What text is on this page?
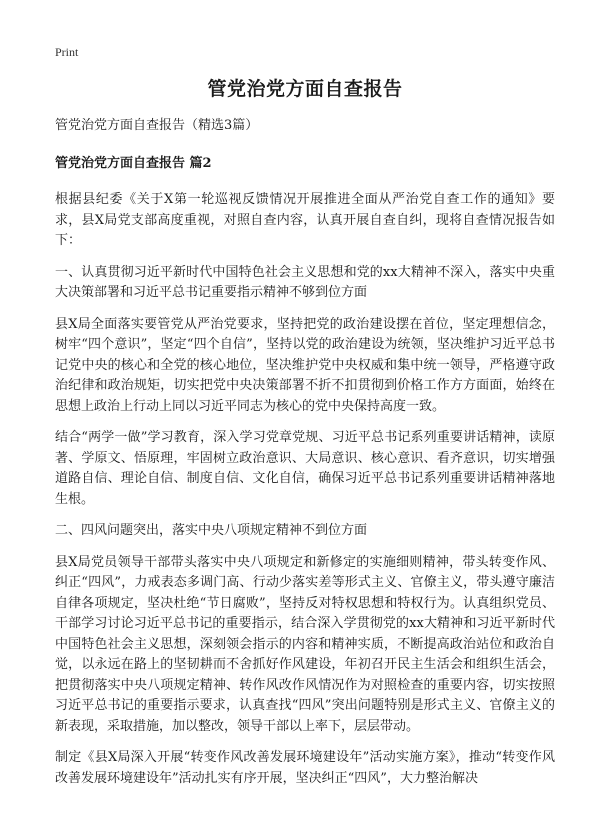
Print
管党治党方面自查报告
管党治党方面自查报告（精选3篇）
管党治党方面自查报告 篇2

根据县纪委《关于X第一轮巡视反馈情况开展推进全面从严治党自查工作的通知》要求，县X局党支部高度重视，对照自查内容，认真开展自查自纠，现将自查情况报告如下：

一、认真贯彻习近平新时代中国特色社会主义思想和党的xx大精神不深入，落实中央重大决策部署和习近平总书记重要指示精神不够到位方面

县X局全面落实要管党从严治党要求，坚持把党的政治建设摆在首位，坚定理想信念，树牢“四个意识”，坚定“四个自信”，坚持以党的政治建设为统领，坚决维护习近平总书记党中央的核心和全党的核心地位，坚决维护党中央权威和集中统一领导，严格遵守政治纪律和政治规矩，切实把党中央决策部署不折不扣贯彻到价格工作方方面面，始终在思想上政治上行动上同以习近平同志为核心的党中央保持高度一致。

结合“两学一做”学习教育，深入学习党章党规、习近平总书记系列重要讲话精神，读原著、学原文、悟原理，牢固树立政治意识、大局意识、核心意识、看齐意识，切实增强道路自信、理论自信、制度自信、文化自信，确保习近平总书记系列重要讲话精神落地生根。

二、四风问题突出，落实中央八项规定精神不到位方面

县X局党员领导干部带头落实中央八项规定和新修定的实施细则精神，带头转变作风、纠正“四风”，力戒表态多调门高、行动少落实差等形式主义、官僚主义，带头遵守廉洁自律各项规定，坚决杜绝“节日腐败”，坚持反对特权思想和特权行为。认真组织党员、干部学习讨论习近平总书记的重要指示，结合深入学贯彻党的xx大精神和习近平新时代中国特色社会主义思想，深刻领会指示的内容和精神实质，不断提高政治站位和政治自觉，以永远在路上的坚韧耕而不舍抓好作风建设，年初召开民主生活会和组织生活会，把贯彻落实中央八项规定精神、转作风改作风情况作为对照检查的重要内容，切实按照习近平总书记的重要指示要求，认真查找“四风”突出问题特别是形式主义、官僚主义的新表现，采取措施，加以整改，领导干部以上率下，层层带动。

制定《县X局深入开展“转变作风改善发展环境建设年”活动实施方案》，推动“转变作风改善发展环境建设年”活动扎实有序开展，坚决纠正“四风”，大力整治解决
